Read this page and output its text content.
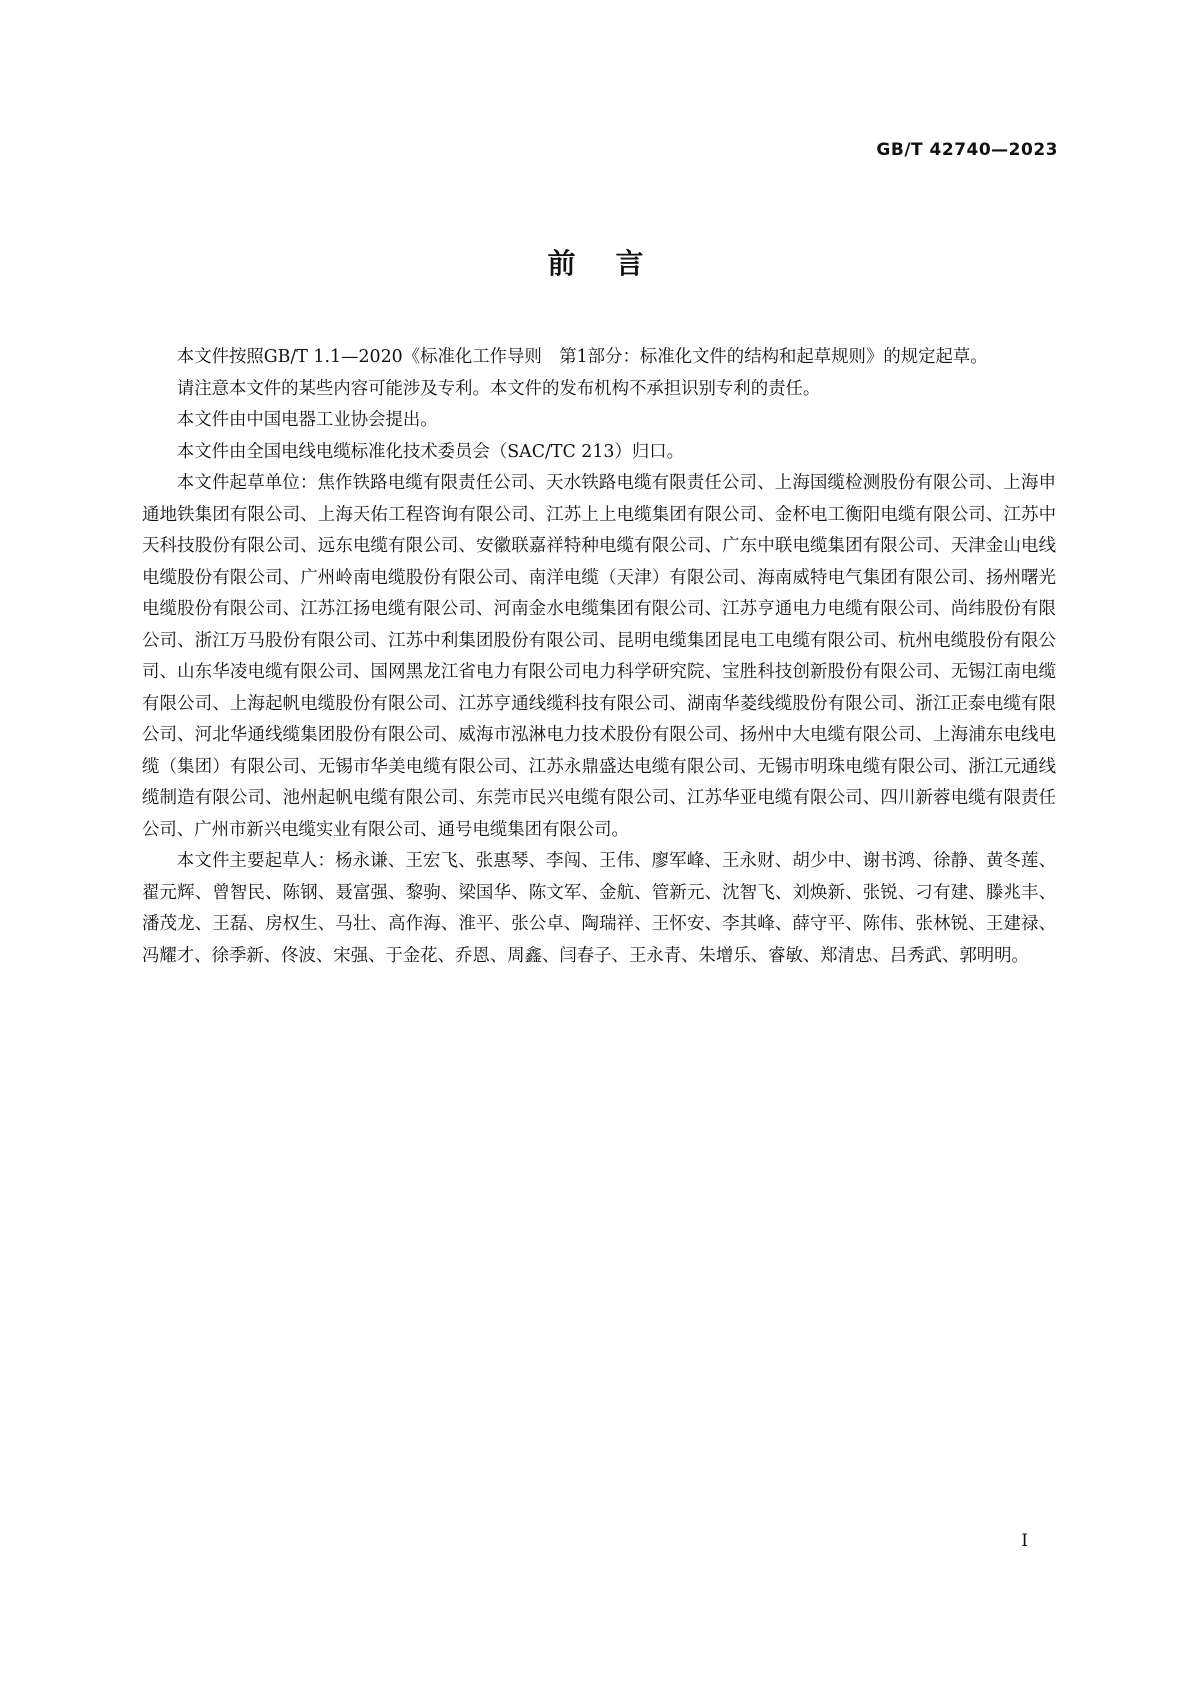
GB/T 42740—2023
前言

本文件按照GB/T 1.1—2020《标准化工作导则　第1部分：标准化文件的结构和起草规则》的规定起草。

请注意本文件的某些内容可能涉及专利。本文件的发布机构不承担识别专利的责任。

本文件由中国电器工业协会提出。

本文件由全国电线电缆标准化技术委员会（SAC/TC 213）归口。

本文件起草单位：焦作铁路电缆有限责任公司、天水铁路电缆有限责任公司、上海国缆检测股份有限公司、上海申通地铁集团有限公司、上海天佑工程咨询有限公司、江苏上上电缆集团有限公司、金杯电工衡阳电缆有限公司、江苏中天科技股份有限公司、远东电缆有限公司、安徽联嘉祥特种电缆有限公司、广东中联电缆集团有限公司、天津金山电线电缆股份有限公司、广州岭南电缆股份有限公司、南洋电缆（天津）有限公司、海南威特电气集团有限公司、扬州曙光电缆股份有限公司、江苏江扬电缆有限公司、河南金水电缆集团有限公司、江苏亨通电力电缆有限公司、尚纬股份有限公司、浙江万马股份有限公司、江苏中利集团股份有限公司、昆明电缆集团昆电工电缆有限公司、杭州电缆股份有限公司、山东华凌电缆有限公司、国网黑龙江省电力有限公司电力科学研究院、宝胜科技创新股份有限公司、无锡江南电缆有限公司、上海起帆电缆股份有限公司、江苏亨通线缆科技有限公司、湖南华菱线缆股份有限公司、浙江正泰电缆有限公司、河北华通线缆集团股份有限公司、威海市泓淋电力技术股份有限公司、扬州中大电缆有限公司、上海浦东电线电缆（集团）有限公司、无锡市华美电缆有限公司、江苏永鼎盛达电缆有限公司、无锡市明珠电缆有限公司、浙江元通线缆制造有限公司、池州起帆电缆有限公司、东莞市民兴电缆有限公司、江苏华亚电缆有限公司、四川新蓉电缆有限责任公司、广州市新兴电缆实业有限公司、通号电缆集团有限公司。

本文件主要起草人：杨永谦、王宏飞、张惠琴、李闯、王伟、廖军峰、王永财、胡少中、谢书鸿、徐静、黄冬莲、翟元辉、曾智民、陈钢、聂富强、黎驹、梁国华、陈文军、金航、管新元、沈智飞、刘焕新、张锐、刁有建、滕兆丰、潘茂龙、王磊、房权生、马壮、高作海、淮平、张公卓、陶瑞祥、王怀安、李其峰、薛守平、陈伟、张林锐、王建禄、冯耀才、徐季新、佟波、宋强、于金花、乔恩、周鑫、闫春子、王永青、朱增乐、睿敏、郑清忠、吕秀武、郭明明。

I
